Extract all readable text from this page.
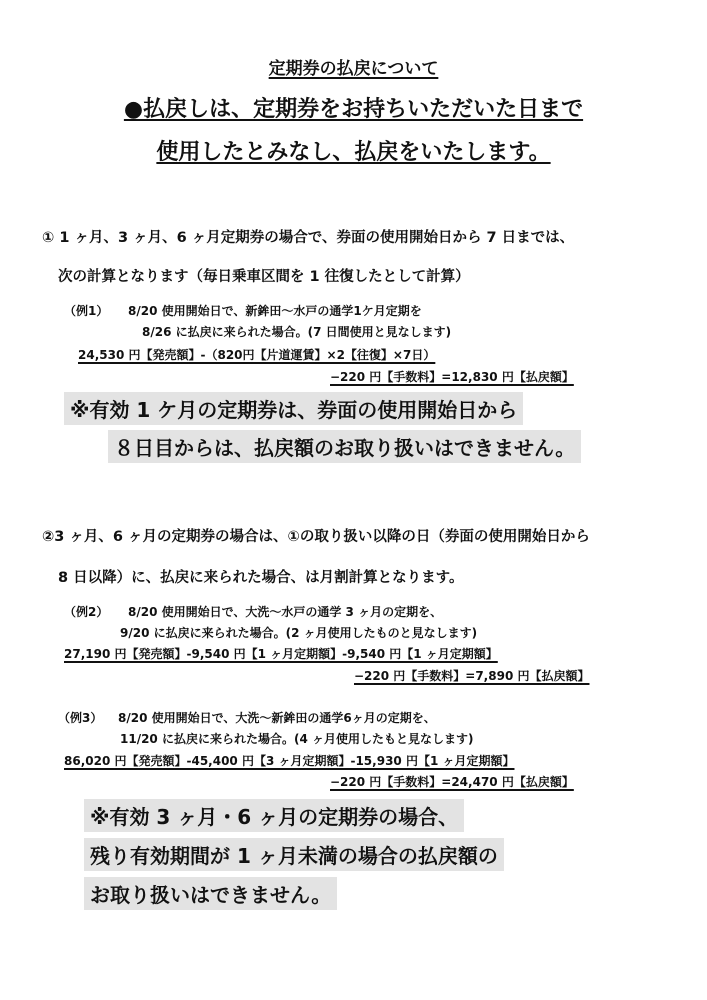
定期券の払戻について
●払戻しは、定期券をお持ちいただいた日まで
使用したとみなし、払戻をいたします。
① 1 ヶ月、3 ヶ月、6 ヶ月定期券の場合で、券面の使用開始日から 7 日までは、
次の計算となります（毎日乗車区間を 1 往復したとして計算）
（例1） 8/20 使用開始日で、新鉾田～水戸の通学1ケ月定期を
8/26 に払戻に来られた場合。(7 日間使用と見なします)
24,530 円【発売額】-（820円【片道運賃】×2【往復】×7日）
−220 円【手数料】=12,830 円【払戻額】
※有効 1 ケ月の定期券は、券面の使用開始日から
８日目からは、払戻額のお取り扱いはできません。
②3 ヶ月、6 ヶ月の定期券の場合は、①の取り扱い以降の日（券面の使用開始日から
8 日以降）に、払戻に来られた場合、は月割計算となります。
（例2） 8/20 使用開始日で、大洗～水戸の通学 3 ヶ月の定期を、
9/20 に払戻に来られた場合。(2 ヶ月使用したものと見なします)
27,190 円【発売額】-9,540 円【1 ヶ月定期額】-9,540 円【1 ヶ月定期額】
−220 円【手数料】=7,890 円【払戻額】
（例3） 8/20 使用開始日で、大洗～新鉾田の通学6ヶ月の定期を、
11/20 に払戻に来られた場合。(4 ヶ月使用したもと見なします)
86,020 円【発売額】-45,400 円【3 ヶ月定期額】-15,930 円【1 ヶ月定期額】
−220 円【手数料】=24,470 円【払戻額】
※有効 3 ヶ月・6 ヶ月の定期券の場合、
残り有効期間が 1 ヶ月未満の場合の払戻額の
お取り扱いはできません。
